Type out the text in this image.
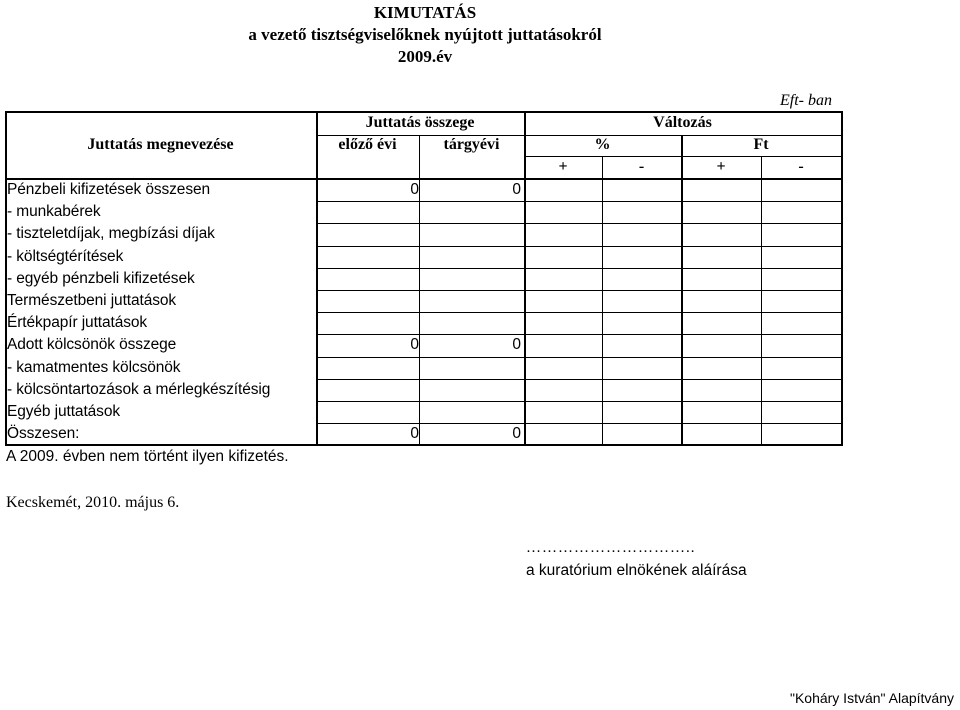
KIMUTATÁS
a vezető tisztségviselőknek nyújtott juttatásokról
2009.év
Eft- ban
Juttatás megnevezése
Juttatás összege	Változás
előző évi	tárgyévi	%	Ft
+	-	+	-
Pénzbeli kifizetések összesen	0	0
- munkabérek
- tiszteletdíjak, megbízási díjak
- költségtérítések
- egyéb pénzbeli kifizetések
Természetbeni juttatások
Értékpapír juttatások
Adott kölcsönök összege	0	0
- kamatmentes kölcsönök
- kölcsöntartozások a mérlegkészítésig
Egyéb juttatások
Összesen:	0	0
A 2009. évben nem történt ilyen kifizetés.
Kecskemét, 2010. május 6.
…………………………..
a kuratórium elnökének aláírása
"Koháry István" Alapítvány
